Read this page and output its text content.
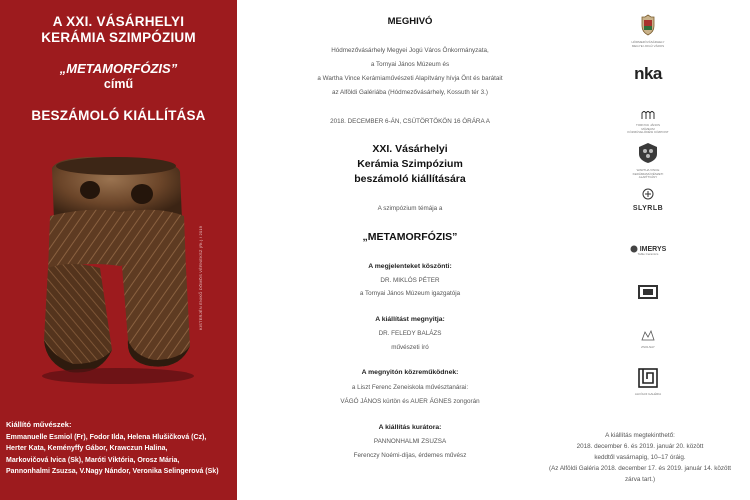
A XXI. VÁSÁRHELYI
KERÁMIA SZIMPÓZIUM
„METAMORFÓZIS”
című
BESZÁMOLÓ KIÁLLÍTÁSA
KISTERJÉN ENIKŐ DÖMÖS VÉRNEKSZ (Rt.) / 2019
Kiállító művészek:
Emmanuelle Esmiol (Fr), Fodor Ilda, Helena Hlušičková (Cz),
Herter Kata, Keményffy Gábor, Krawczun Halina,
Markovičová Ivica (Sk), Maróti Viktória, Orosz Mária,
Pannonhalmi Zsuzsa, V.Nagy Nándor, Veronika Selingerová (Sk)
MEGHIVÓ
Hódmezővásárhely Megyei Jogú Város Önkormányzata,
a Tornyai János Múzeum és
a Wartha Vince Kerámiaművészeti Alapítvány hívja Önt és barátait
az Alföldi Galériába (Hódmezővásárhely, Kossuth tér 3.)
2018. DECEMBER 6-ÁN, CSÜTÖRTÖKÖN 16 ÓRÁRA A
XXI. Vásárhelyi
Kerámia Szimpózium
beszámoló kiállítására
A szimpózium témája a
„METAMORFÓZIS”
A megjelenteket köszönti:
DR. MIKLÓS PÉTER
a Tornyai János Múzeum igazgatója
A kiállítást megnyitja:
DR. FELEDY BALÁZS
művészeti író
A megnyitón közreműködnek:
a Liszt Ferenc Zeneiskola művésztanárai:
VÁGÓ JÁNOS kürtön és AUER ÁGNES zongorán
A kiállítás kurátora:
PANNONHALMI ZSUZSA
Ferenczy Noémi-díjas, érdemes művész
HÓDMEZŐVÁSÁRHELY
MEGYEI JOGÚ VÁROS
nka
TORNYAI JÁNOS
MÚZEUM
KÖZMŰVELŐDÉSI KÖZPONT
WARTHA VINCE
KERÁMIAMŰVÉSZETI
ALAPÍTVÁNY
SLYRLB
IMERYS
Table Ceramics
ZSOLNAY
ALFÖLDI GALÉRIA
A kiállítás megtekinthető:
2018. december 6. és 2019. január 20. között
keddtől vasárnapig, 10–17 óráig.
(Az Alföldi Galéria 2018. december 17. és 2019. január 14. között
zárva tart.)
